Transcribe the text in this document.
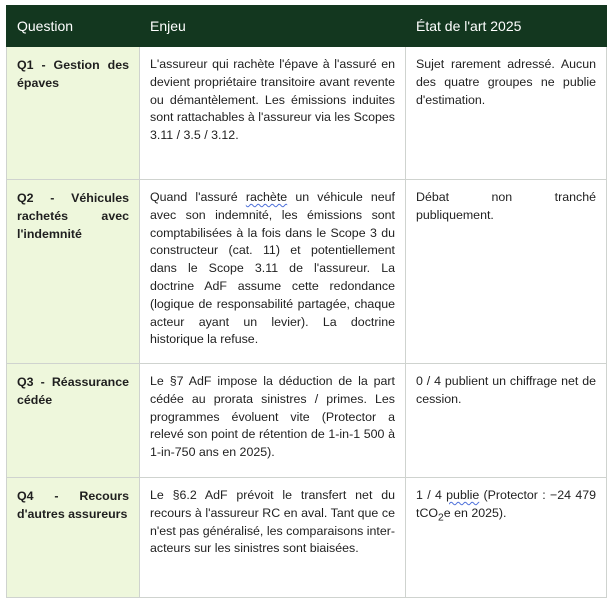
Question	Enjeu	État de l'art 2025
Q1 - Gestion des épaves	L'assureur qui rachète l'épave à l'assuré en devient propriétaire transitoire avant revente ou démantèlement. Les émissions induites sont rattachables à l'assureur via les Scopes 3.11 / 3.5 / 3.12.	Sujet rarement adressé. Aucun des quatre groupes ne publie d'estimation.
Q2 - Véhicules rachetés avec l'indemnité	Quand l'assuré rachète un véhicule neuf avec son indemnité, les émissions sont comptabilisées à la fois dans le Scope 3 du constructeur (cat. 11) et potentiellement dans le Scope 3.11 de l'assureur. La doctrine AdF assume cette redondance (logique de responsabilité partagée, chaque acteur ayant un levier). La doctrine historique la refuse.	Débat non tranché publiquement.
Q3 - Réassurance cédée	Le §7 AdF impose la déduction de la part cédée au prorata sinistres / primes. Les programmes évoluent vite (Protector a relevé son point de rétention de 1-in-1 500 à 1-in-750 ans en 2025).	0 / 4 publient un chiffrage net de cession.
Q4 - Recours d'autres assureurs	Le §6.2 AdF prévoit le transfert net du recours à l'assureur RC en aval. Tant que ce n'est pas généralisé, les comparaisons inter-acteurs sur les sinistres sont biaisées.	1 / 4 publie (Protector : −24 479 tCO$_2$e en 2025).
